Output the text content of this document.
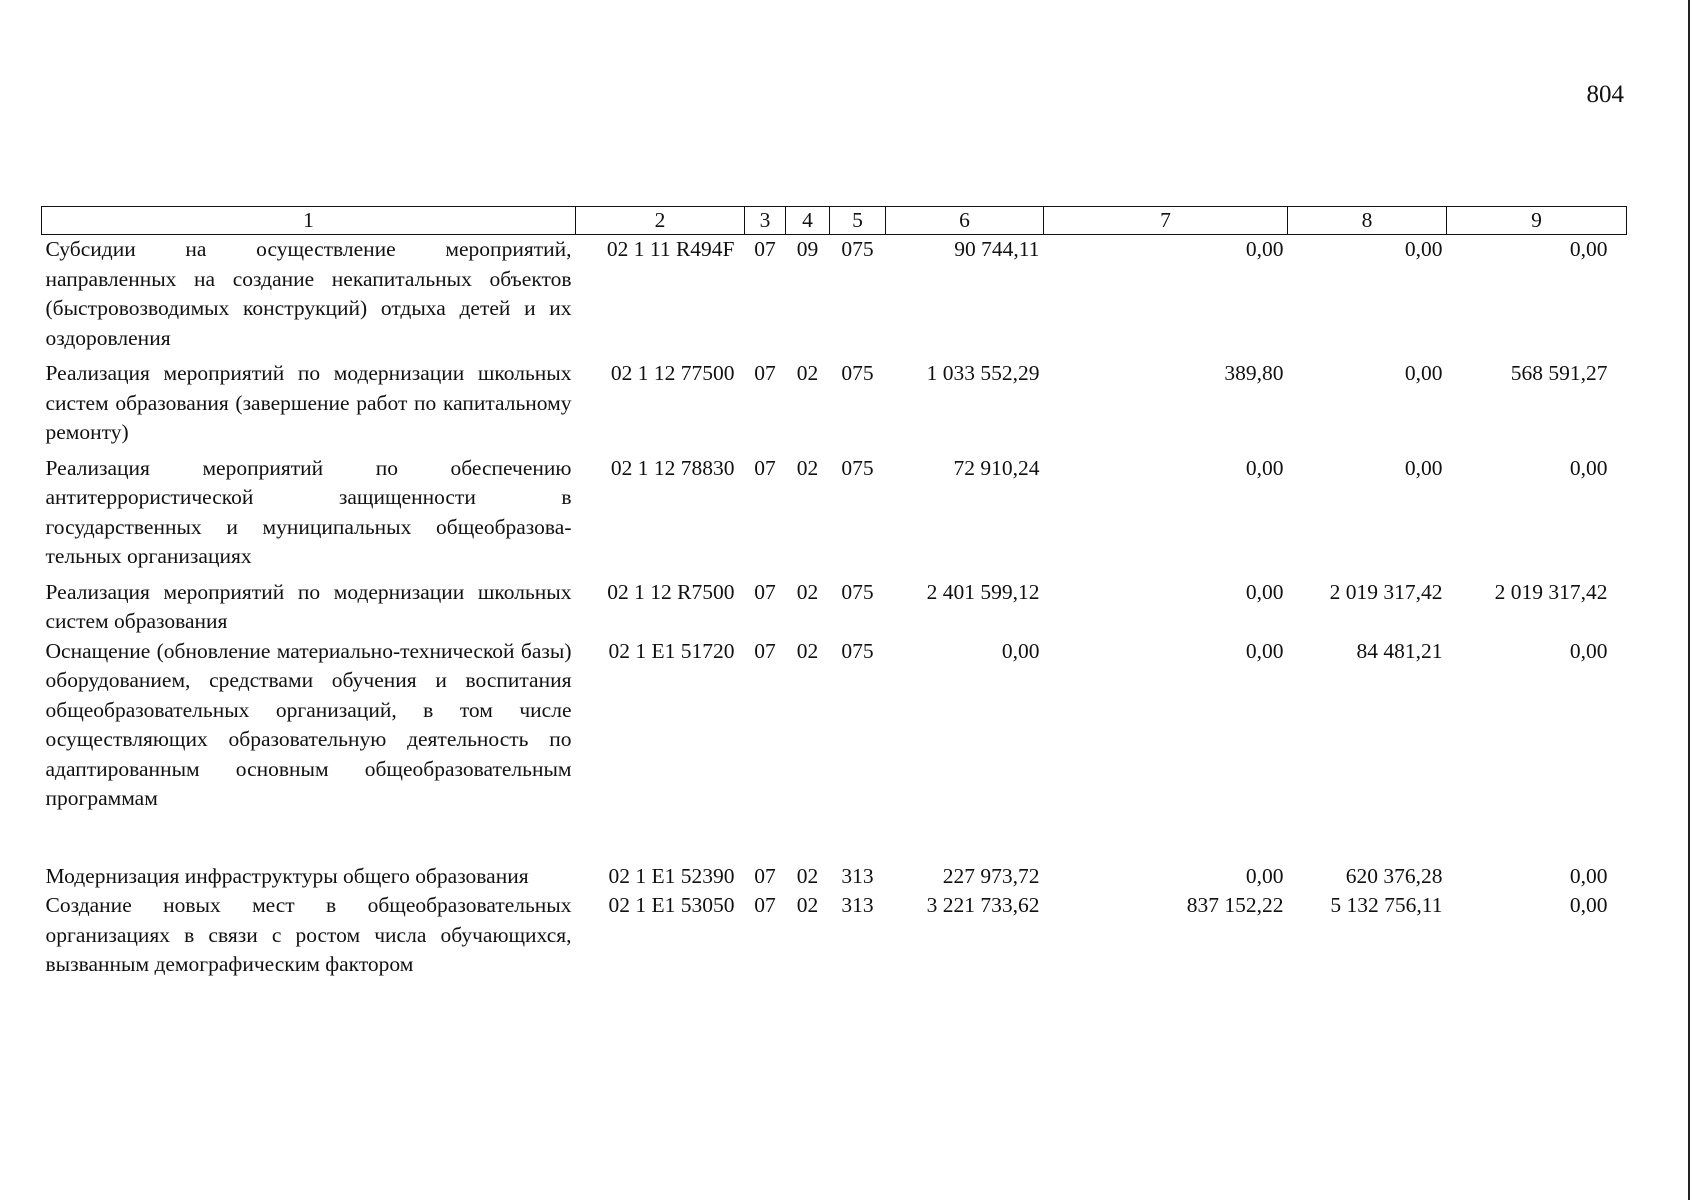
804
1	2	3	4	5	6	7	8	9
Субсидии на осуществление мероприятий, направленных на создание некапитальных объектов (быстровозводимых конструкций) отдыха детей и их оздоровления	02 1 11 R494F	07	09	075	90 744,11	0,00	0,00	0,00
Реализация мероприятий по модернизации школьных систем образования (завершение работ по капитальному ремонту)	02 1 12 77500	07	02	075	1 033 552,29	389,80	0,00	568 591,27
Реализация мероприятий по обеспечению антитеррористической защищенности в государственных и муниципальных общеобразова-тельных организациях	02 1 12 78830	07	02	075	72 910,24	0,00	0,00	0,00
Реализация мероприятий по модернизации школьных систем образования	02 1 12 R7500	07	02	075	2 401 599,12	0,00	2 019 317,42	2 019 317,42
Оснащение (обновление материально-технической базы) оборудованием, средствами обучения и воспитания общеобразовательных организаций, в том числе осуществляющих образовательную деятельность по адаптированным основным общеобразовательным программам	02 1 E1 51720	07	02	075	0,00	0,00	84 481,21	0,00

Модернизация инфраструктуры общего образования	02 1 E1 52390	07	02	313	227 973,72	0,00	620 376,28	0,00
Создание новых мест в общеобразовательных организациях в связи с ростом числа обучающихся, вызванным демографическим фактором	02 1 E1 53050	07	02	313	3 221 733,62	837 152,22	5 132 756,11	0,00
